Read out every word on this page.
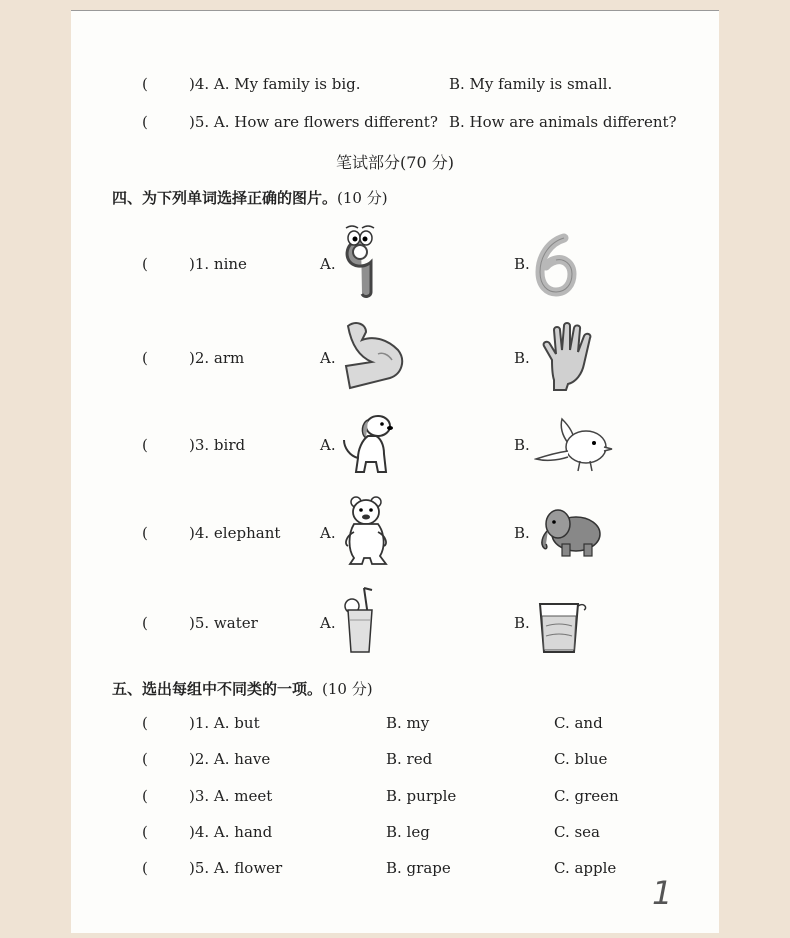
(	)4. A. My family is big.	B. My family is small.
(	)5. A. How are flowers different? B. How are animals different?
笔试部分(70 分)
四、为下列单词选择正确的图片。(10 分)
(	)1. nine	A.	B.
(	)2. arm	A.	B.
(	)3. bird	A.	B.
(	)4. elephant	A.	B.
(	)5. water	A.	B.
五、选出每组中不同类的一项。(10 分)
(	)1. A. but	B. my	C. and
(	)2. A. have	B. red	C. blue
(	)3. A. meet	B. purple	C. green
(	)4. A. hand	B. leg	C. sea
(	)5. A. flower	B. grape	C. apple
1
